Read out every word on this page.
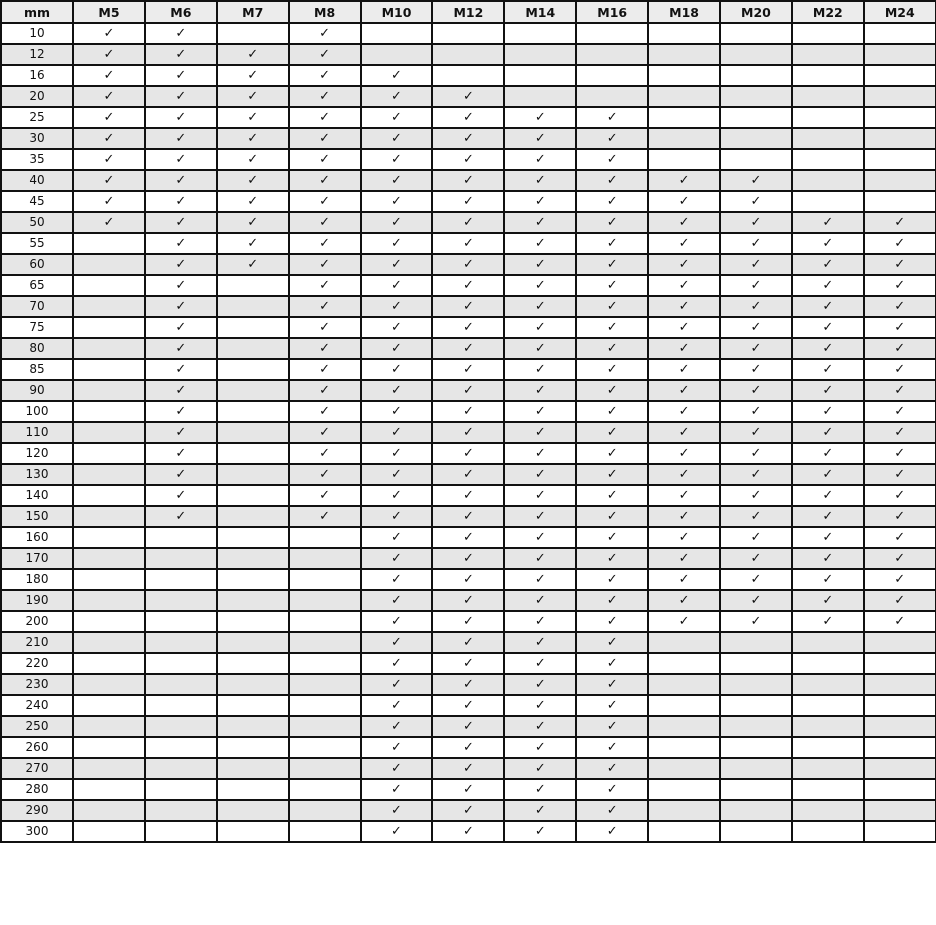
mm	M5	M6	M7	M8	M10	M12	M14	M16	M18	M20	M22	M24
10	✓	✓		✓								
12	✓	✓	✓	✓								
16	✓	✓	✓	✓	✓							
20	✓	✓	✓	✓	✓	✓						
25	✓	✓	✓	✓	✓	✓	✓	✓				
30	✓	✓	✓	✓	✓	✓	✓	✓				
35	✓	✓	✓	✓	✓	✓	✓	✓				
40	✓	✓	✓	✓	✓	✓	✓	✓	✓	✓		
45	✓	✓	✓	✓	✓	✓	✓	✓	✓	✓		
50	✓	✓	✓	✓	✓	✓	✓	✓	✓	✓	✓	✓
55		✓	✓	✓	✓	✓	✓	✓	✓	✓	✓	✓
60		✓	✓	✓	✓	✓	✓	✓	✓	✓	✓	✓
65		✓		✓	✓	✓	✓	✓	✓	✓	✓	✓
70		✓		✓	✓	✓	✓	✓	✓	✓	✓	✓
75		✓		✓	✓	✓	✓	✓	✓	✓	✓	✓
80		✓		✓	✓	✓	✓	✓	✓	✓	✓	✓
85		✓		✓	✓	✓	✓	✓	✓	✓	✓	✓
90		✓		✓	✓	✓	✓	✓	✓	✓	✓	✓
100		✓		✓	✓	✓	✓	✓	✓	✓	✓	✓
110		✓		✓	✓	✓	✓	✓	✓	✓	✓	✓
120		✓		✓	✓	✓	✓	✓	✓	✓	✓	✓
130		✓		✓	✓	✓	✓	✓	✓	✓	✓	✓
140		✓		✓	✓	✓	✓	✓	✓	✓	✓	✓
150		✓		✓	✓	✓	✓	✓	✓	✓	✓	✓
160					✓	✓	✓	✓	✓	✓	✓	✓
170					✓	✓	✓	✓	✓	✓	✓	✓
180					✓	✓	✓	✓	✓	✓	✓	✓
190					✓	✓	✓	✓	✓	✓	✓	✓
200					✓	✓	✓	✓	✓	✓	✓	✓
210					✓	✓	✓	✓				
220					✓	✓	✓	✓				
230					✓	✓	✓	✓				
240					✓	✓	✓	✓				
250					✓	✓	✓	✓				
260					✓	✓	✓	✓				
270					✓	✓	✓	✓				
280					✓	✓	✓	✓				
290					✓	✓	✓	✓				
300					✓	✓	✓	✓				
